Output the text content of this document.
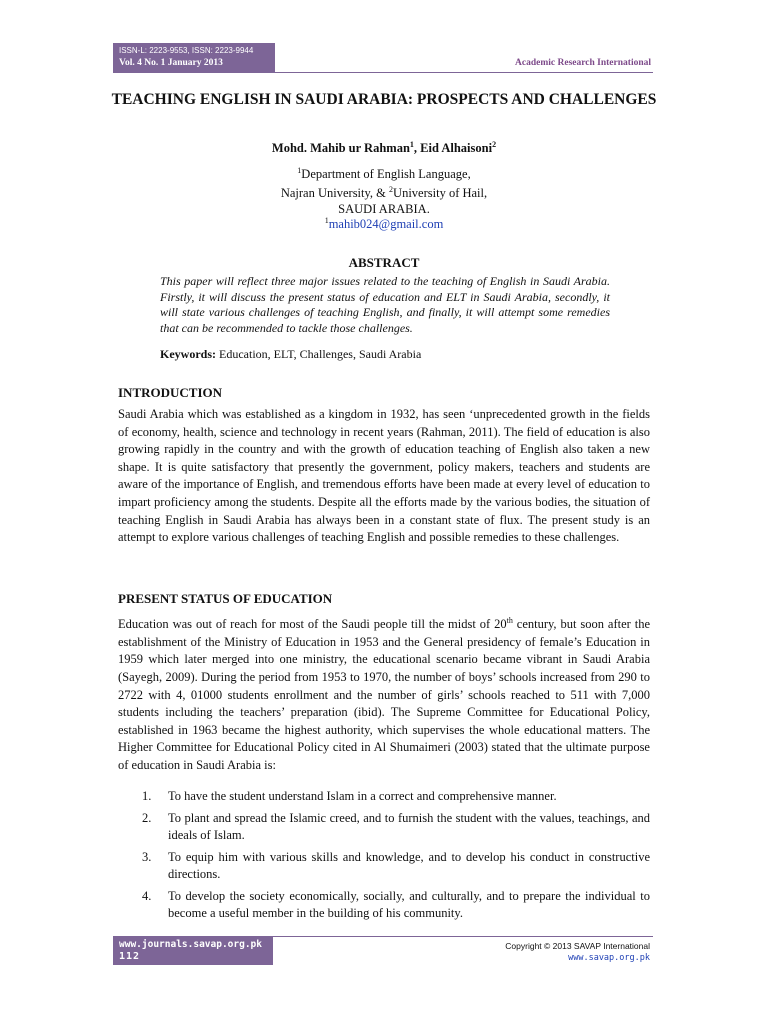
ISSN-L: 2223-9553, ISSN: 2223-9944
Vol. 4 No. 1 January 2013	Academic Research International
TEACHING ENGLISH IN SAUDI ARABIA: PROSPECTS AND CHALLENGES
Mohd. Mahib ur Rahman$^1$, Eid Alhaisoni$^2$
$^1$Department of English Language,
Najran University, & $^2$University of Hail,
SAUDI ARABIA.
$^1$mahib024@gmail.com
ABSTRACT
This paper will reflect three major issues related to the teaching of English in Saudi Arabia. Firstly, it will discuss the present status of education and ELT in Saudi Arabia, secondly, it will state various challenges of teaching English, and finally, it will attempt some remedies that can be recommended to tackle those challenges.
Keywords: Education, ELT, Challenges, Saudi Arabia
INTRODUCTION
Saudi Arabia which was established as a kingdom in 1932, has seen ‘unprecedented growth in the fields of economy, health, science and technology in recent years (Rahman, 2011). The field of education is also growing rapidly in the country and with the growth of education teaching of English also taken a new shape. It is quite satisfactory that presently the government, policy makers, teachers and students are aware of the importance of English, and tremendous efforts have been made at every level of education to impart proficiency among the students. Despite all the efforts made by the various bodies, the situation of teaching English in Saudi Arabia has always been in a constant state of flux. The present study is an attempt to explore various challenges of teaching English and possible remedies to these challenges.
PRESENT STATUS OF EDUCATION
Education was out of reach for most of the Saudi people till the midst of 20th century, but soon after the establishment of the Ministry of Education in 1953 and the General presidency of female’s Education in 1959 which later merged into one ministry, the educational scenario became vibrant in Saudi Arabia (Sayegh, 2009). During the period from 1953 to 1970, the number of boys’ schools increased from 290 to 2722 with 4, 01000 students enrollment and the number of girls’ schools reached to 511 with 7,000 students including the teachers’ preparation (ibid). The Supreme Committee for Educational Policy, established in 1963 became the highest authority, which supervises the whole educational matters. The Higher Committee for Educational Policy cited in Al Shumaimeri (2003) stated that the ultimate purpose of education in Saudi Arabia is:
1. To have the student understand Islam in a correct and comprehensive manner.
2. To plant and spread the Islamic creed, and to furnish the student with the values, teachings, and ideals of Islam.
3. To equip him with various skills and knowledge, and to develop his conduct in constructive directions.
4. To develop the society economically, socially, and culturally, and to prepare the individual to become a useful member in the building of his community.
www.journals.savap.org.pk
112
Copyright © 2013 SAVAP International
www.savap.org.pk
